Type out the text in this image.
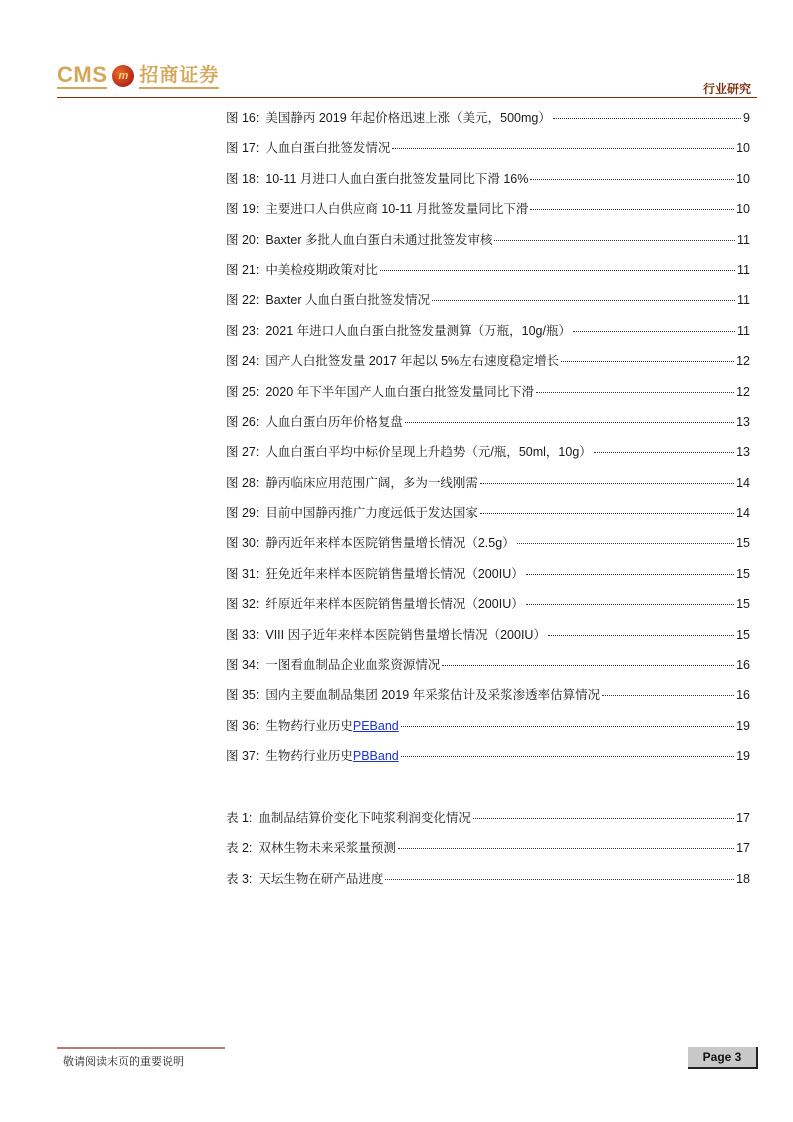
CMS	m 招商证券
行业研究
图 16: 美国静丙 2019 年起价格迅速上涨（美元，500mg）	9
图 17: 人血白蛋白批签发情况	10
图 18: 10-11 月进口人血白蛋白批签发量同比下滑 16%	10
图 19: 主要进口人白供应商 10-11 月批签发量同比下滑	10
图 20: Baxter 多批人血白蛋白未通过批签发审核	11
图 21: 中美检疫期政策对比	11
图 22: Baxter 人血白蛋白批签发情况	11
图 23: 2021 年进口人血白蛋白批签发量测算（万瓶，10g/瓶）	11
图 24: 国产人白批签发量 2017 年起以 5%左右速度稳定增长	12
图 25: 2020 年下半年国产人血白蛋白批签发量同比下滑	12
图 26: 人血白蛋白历年价格复盘	13
图 27: 人血白蛋白平均中标价呈现上升趋势（元/瓶，50ml，10g）	13
图 28: 静丙临床应用范围广阔，多为一线刚需	14
图 29: 目前中国静丙推广力度远低于发达国家	14
图 30: 静丙近年来样本医院销售量增长情况（2.5g）	15
图 31: 狂免近年来样本医院销售量增长情况（200IU）	15
图 32: 纤原近年来样本医院销售量增长情况（200IU）	15
图 33: VIII 因子近年来样本医院销售量增长情况（200IU）	15
图 34: 一图看血制品企业血浆资源情况	16
图 35: 国内主要血制品集团 2019 年采浆估计及采浆渗透率估算情况	16
图 36: 生物药行业历史PEBand	19
图 37: 生物药行业历史PBBand	19
表 1: 血制品结算价变化下吨浆利润变化情况	17
表 2: 双林生物未来采浆量预测	17
表 3: 天坛生物在研产品进度	18
敬请阅读末页的重要说明	Page 3
